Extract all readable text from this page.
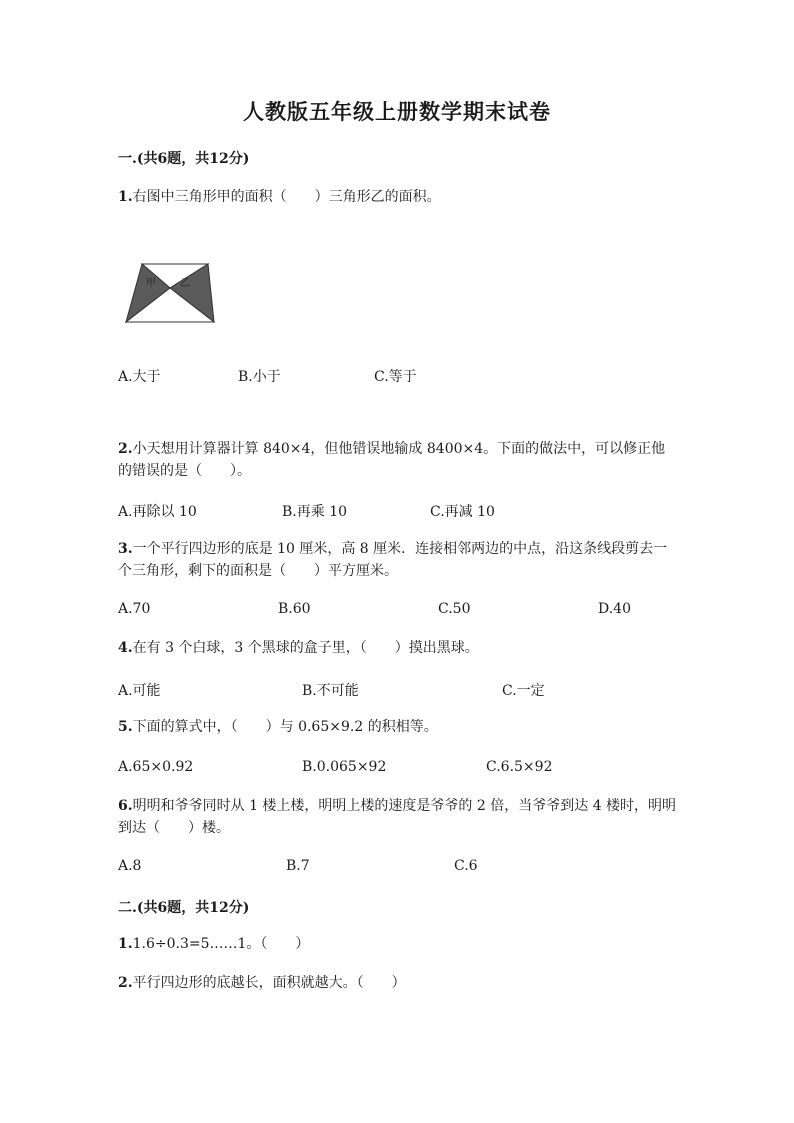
人教版五年级上册数学期末试卷
一.(共6题，共12分)
1.右图中三角形甲的面积（　　）三角形乙的面积。
甲 乙
A.大于	B.小于	C.等于
2.小天想用计算器计算 840×4，但他错误地输成 8400×4。下面的做法中，可以修正他的错误的是（　　）。
A.再除以 10	B.再乘 10	C.再减 10
3.一个平行四边形的底是 10 厘米，高 8 厘米．连接相邻两边的中点，沿这条线段剪去一个三角形，剩下的面积是（　　）平方厘米。
A.70	B.60	C.50	D.40
4.在有 3 个白球，3 个黑球的盒子里，（　　）摸出黑球。
A.可能	B.不可能	C.一定
5.下面的算式中，（　　）与 0.65×9.2 的积相等。
A.65×0.92	B.0.065×92	C.6.5×92
6.明明和爷爷同时从 1 楼上楼，明明上楼的速度是爷爷的 2 倍，当爷爷到达 4 楼时，明明到达（　　）楼。
A.8	B.7	C.6
二.(共6题，共12分)
1.1.6÷0.3=5……1。（　　）
2.平行四边形的底越长，面积就越大。（　　）
